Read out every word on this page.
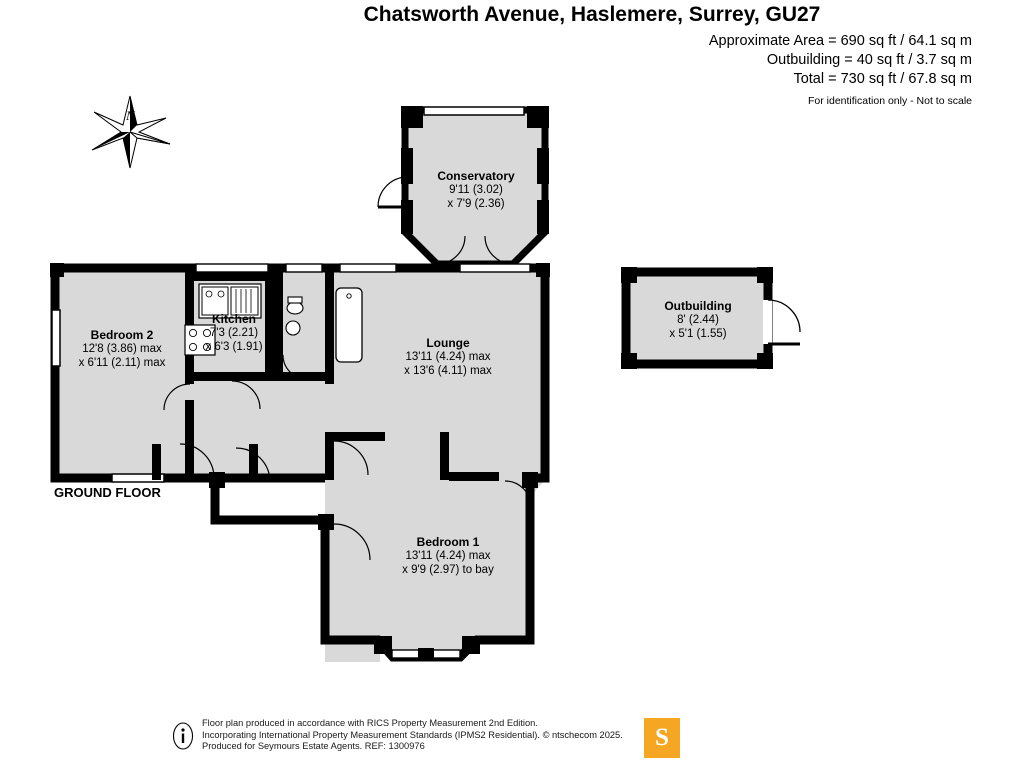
Chatsworth Avenue, Haslemere, Surrey, GU27
Approximate Area = 690 sq ft / 64.1 sq m
Outbuilding = 40 sq ft / 3.7 sq m
Total = 730 sq ft / 67.8 sq m
For identification only - Not to scale
N
GROUND FLOOR
Conservatory
9'11 (3.02)
x 7'9 (2.36)
Bedroom 2
12'8 (3.86) max
x 6'11 (2.11) max
Kitchen
7'3 (2.21)
x 6'3 (1.91)	Lounge
13'11 (4.24) max
x 13'6 (4.11) max
Bedroom 1
13'11 (4.24) max
x 9'9 (2.97) to bay
Outbuilding
8' (2.44)
x 5'1 (1.55)
Floor plan produced in accordance with RICS Property Measurement 2nd Edition.
Incorporating International Property Measurement Standards (IPMS2 Residential). © ntschecom 2025.
Produced for Seymours Estate Agents. REF: 1300976	S
